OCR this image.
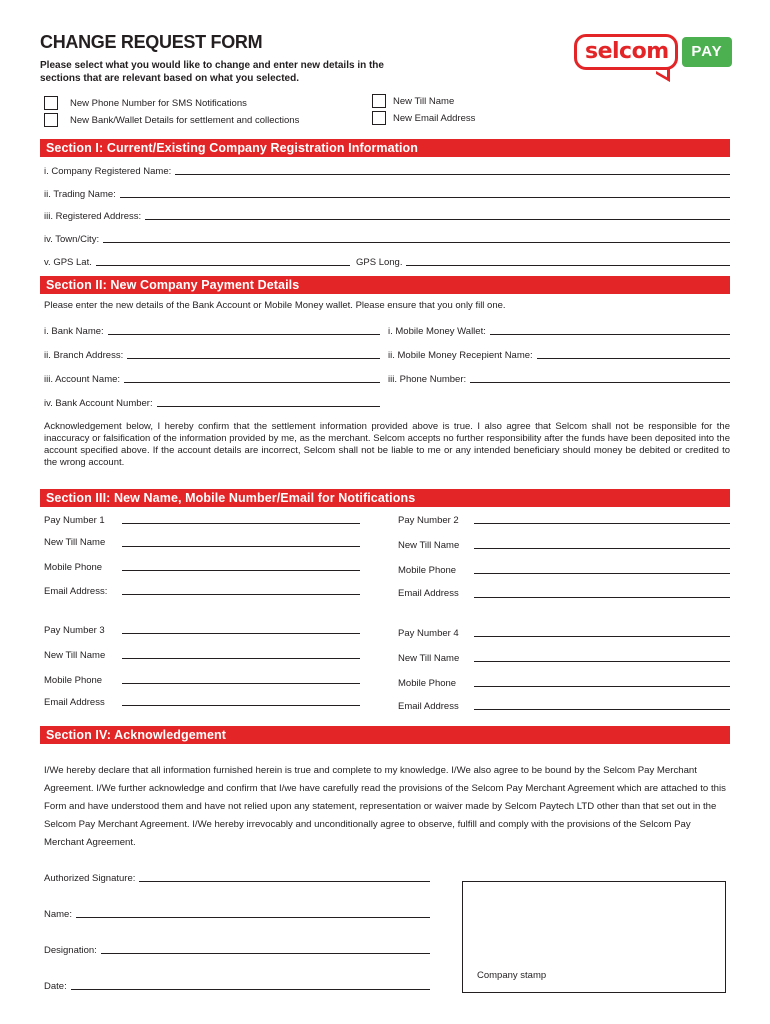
CHANGE REQUEST FORM
Please select what you would like to change and enter new details in the sections that are relevant based on what you selected.
selcom	PAY
New Phone Number for SMS Notifications
New Bank/Wallet Details for settlement and collections
New Till Name
New Email Address
Section I: Current/Existing Company Registration Information
i. Company Registered Name:
ii. Trading Name:
iii. Registered Address:
iv. Town/City:
v. GPS Lat.	GPS Long.
Section II: New Company Payment Details
Please enter the new details of the Bank Account or Mobile Money wallet. Please ensure that you only fill one.
i. Bank Name:
ii. Branch Address:
iii. Account Name:
iv. Bank Account Number:
i. Mobile Money Wallet:
ii. Mobile Money Recepient Name:
iii. Phone Number:
Acknowledgement below, I hereby confirm that the settlement information provided above is true. I also agree that Selcom shall not be responsible for the inaccuracy or falsification of the information provided by me, as the merchant. Selcom accepts no further responsibility after the funds have been deposited into the account specified above. If the account details are incorrect, Selcom shall not be liable to me or any intended beneficiary should money be debited or credited to the wrong account.
Section III: New Name, Mobile Number/Email for Notifications
Pay Number 1
New Till Name
Mobile Phone
Email Address:
Pay Number 2
New Till Name
Mobile Phone
Email Address
Pay Number 3
New Till Name
Mobile Phone
Email Address
Pay Number 4
New Till Name
Mobile Phone
Email Address
Section IV: Acknowledgement
I/We hereby declare that all information furnished herein is true and complete to my knowledge. I/We also agree to be bound by the Selcom Pay Merchant Agreement. I/We further acknowledge and confirm that I/we have carefully read the provisions of the Selcom Pay Merchant Agreement which are attached to this Form and have understood them and have not relied upon any statement, representation or waiver made by Selcom Paytech LTD other than that set out in the Selcom Pay Merchant Agreement. I/We hereby irrevocably and unconditionally agree to observe, fulfill and comply with the provisions of the Selcom Pay Merchant Agreement.
Authorized Signature:
Name:
Designation:
Date:
Company stamp
